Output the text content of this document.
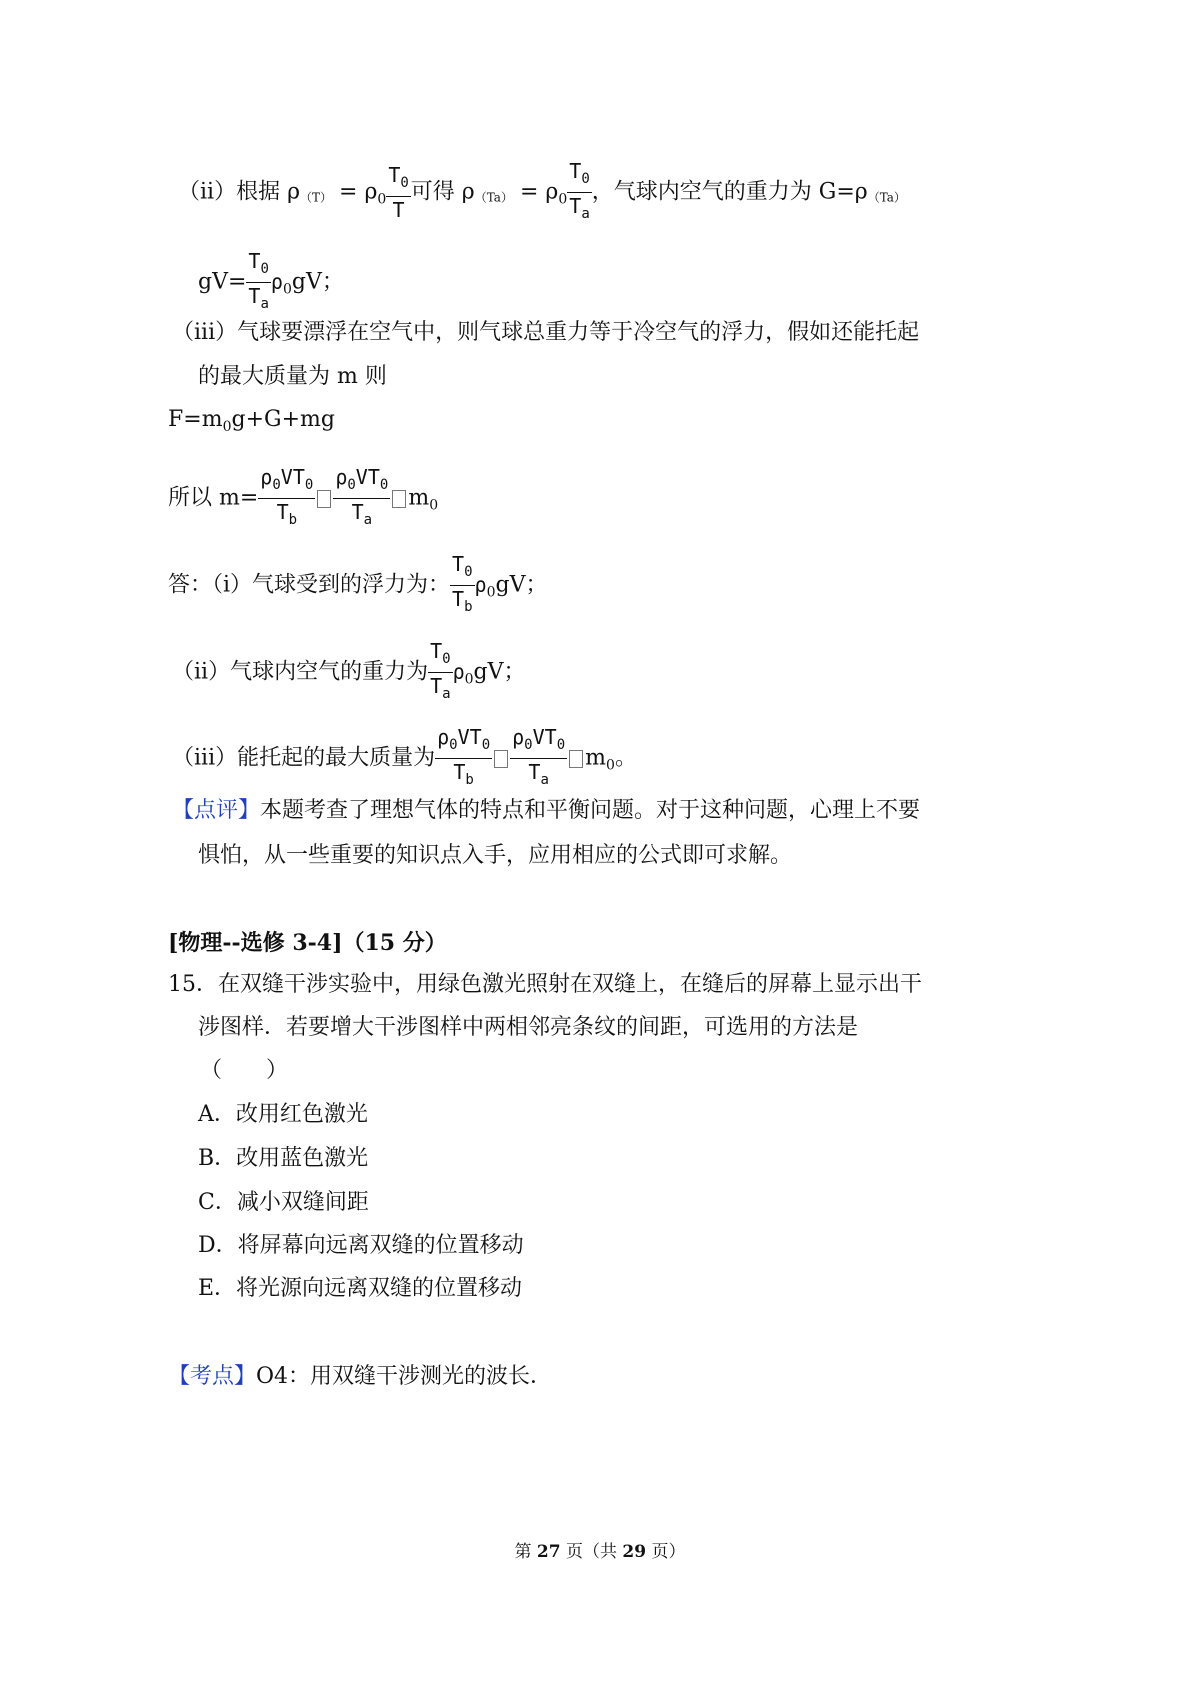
（ii）根据 $\rho(T) = \rho_0 \frac{T_0}{T}$ 可得 $\rho(Ta) = \rho_0 \frac{T_0}{T_a}$ ，气球内空气的重力为 G=ρ（Ta）
$gV= \frac{T_0}{T_a} \rho_0gV$；
（iii）气球要漂浮在空气中，则气球总重力等于冷空气的浮力，假如还能托起
的最大质量为 m 则
$F=m_0g+G+mg$
所以 $m= \frac{\rho_0VT_0}{T_b} \frac{\rho_0VT_0}{T_a} m_0$
答：（i）气球受到的浮力为： $\frac{T_0}{T_b} \rho_0gV$；
（ii）气球内空气的重力为 $\frac{T_0}{T_a} \rho_0gV$；
（iii）能托起的最大质量为 $\frac{\rho_0VT_0}{T_b} \frac{\rho_0VT_0}{T_a} m_0$。
【点评】本题考查了理想气体的特点和平衡问题。对于这种问题，心理上不要
惧怕，从一些重要的知识点入手，应用相应的公式即可求解。
[物理--选修 3-4]（15 分）
15．在双缝干涉实验中，用绿色激光照射在双缝上，在缝后的屏幕上显示出干
涉图样．若要增大干涉图样中两相邻亮条纹的间距，可选用的方法是
（　　）
A．改用红色激光
B．改用蓝色激光
C．减小双缝间距
D．将屏幕向远离双缝的位置移动
E．将光源向远离双缝的位置移动
【考点】O4：用双缝干涉测光的波长．
第 27 页（共 29 页）
